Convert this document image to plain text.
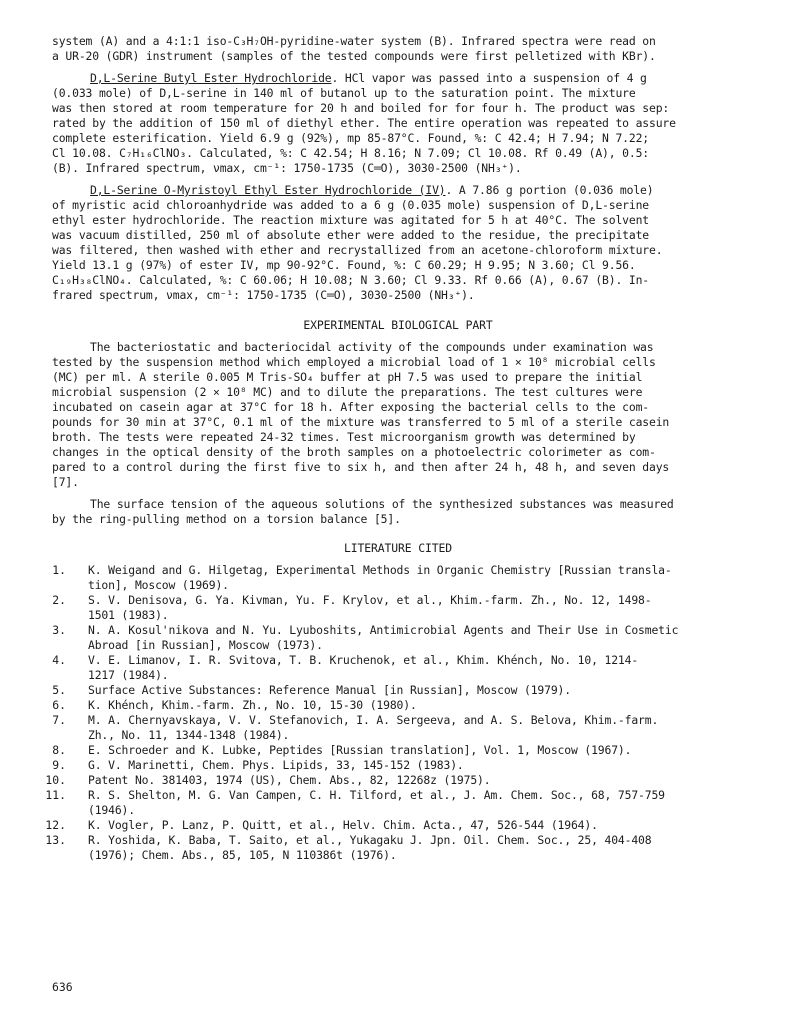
system (A) and a 4:1:1 iso-C₃H₇OH-pyridine-water system (B). Infrared spectra were read on
a UR-20 (GDR) instrument (samples of the tested compounds were first pelletized with KBr).
D,L-Serine Butyl Ester Hydrochloride. HCl vapor was passed into a suspension of 4 g
(0.033 mole) of D,L-serine in 140 ml of butanol up to the saturation point. The mixture
was then stored at room temperature for 20 h and boiled for for four h. The product was sep:
rated by the addition of 150 ml of diethyl ether. The entire operation was repeated to assure
complete esterification. Yield 6.9 g (92%), mp 85-87°C. Found, %: C 42.4; H 7.94; N 7.22;
Cl 10.08. C₇H₁₆ClNO₃. Calculated, %: C 42.54; H 8.16; N 7.09; Cl 10.08. Rf 0.49 (A), 0.5:
(B). Infrared spectrum, νmax, cm⁻¹: 1750-1735 (C═O), 3030-2500 (NH₃⁺).
D,L-Serine O-Myristoyl Ethyl Ester Hydrochloride (IV). A 7.86 g portion (0.036 mole)
of myristic acid chloroanhydride was added to a 6 g (0.035 mole) suspension of D,L-serine
ethyl ester hydrochloride. The reaction mixture was agitated for 5 h at 40°C. The solvent
was vacuum distilled, 250 ml of absolute ether were added to the residue, the precipitate
was filtered, then washed with ether and recrystallized from an acetone-chloroform mixture.
Yield 13.1 g (97%) of ester IV, mp 90-92°C. Found, %: C 60.29; H 9.95; N 3.60; Cl 9.56.
C₁₉H₃₈ClNO₄. Calculated, %: C 60.06; H 10.08; N 3.60; Cl 9.33. Rf 0.66 (A), 0.67 (B). In-
frared spectrum, νmax, cm⁻¹: 1750-1735 (C═O), 3030-2500 (NH₃⁺).
EXPERIMENTAL BIOLOGICAL PART
The bacteriostatic and bacteriocidal activity of the compounds under examination was
tested by the suspension method which employed a microbial load of 1 × 10⁸ microbial cells
(MC) per ml. A sterile 0.005 M Tris-SO₄ buffer at pH 7.5 was used to prepare the initial
microbial suspension (2 × 10⁸ MC) and to dilute the preparations. The test cultures were
incubated on casein agar at 37°C for 18 h. After exposing the bacterial cells to the com-
pounds for 30 min at 37°C, 0.1 ml of the mixture was transferred to 5 ml of a sterile casein
broth. The tests were repeated 24-32 times. Test microorganism growth was determined by
changes in the optical density of the broth samples on a photoelectric colorimeter as com-
pared to a control during the first five to six h, and then after 24 h, 48 h, and seven days
[7].
The surface tension of the aqueous solutions of the synthesized substances was measured
by the ring-pulling method on a torsion balance [5].
LITERATURE CITED
1. K. Weigand and G. Hilgetag, Experimental Methods in Organic Chemistry [Russian transla-
tion], Moscow (1969).
2. S. V. Denisova, G. Ya. Kivman, Yu. F. Krylov, et al., Khim.-farm. Zh., No. 12, 1498-
1501 (1983).
3. N. A. Kosul'nikova and N. Yu. Lyuboshits, Antimicrobial Agents and Their Use in Cosmetic
Abroad [in Russian], Moscow (1973).
4. V. E. Limanov, I. R. Svitova, T. B. Kruchenok, et al., Khim. Khénch, No. 10, 1214-
1217 (1984).
5. Surface Active Substances: Reference Manual [in Russian], Moscow (1979).
6. K. Khénch, Khim.-farm. Zh., No. 10, 15-30 (1980).
7. M. A. Chernyavskaya, V. V. Stefanovich, I. A. Sergeeva, and A. S. Belova, Khim.-farm.
Zh., No. 11, 1344-1348 (1984).
8. E. Schroeder and K. Lubke, Peptides [Russian translation], Vol. 1, Moscow (1967).
9. G. V. Marinetti, Chem. Phys. Lipids, 33, 145-152 (1983).
10. Patent No. 381403, 1974 (US), Chem. Abs., 82, 12268z (1975).
11. R. S. Shelton, M. G. Van Campen, C. H. Tilford, et al., J. Am. Chem. Soc., 68, 757-759
(1946).
12. K. Vogler, P. Lanz, P. Quitt, et al., Helv. Chim. Acta., 47, 526-544 (1964).
13. R. Yoshida, K. Baba, T. Saito, et al., Yukagaku J. Jpn. Oil. Chem. Soc., 25, 404-408
(1976); Chem. Abs., 85, 105, N 110386t (1976).
636
